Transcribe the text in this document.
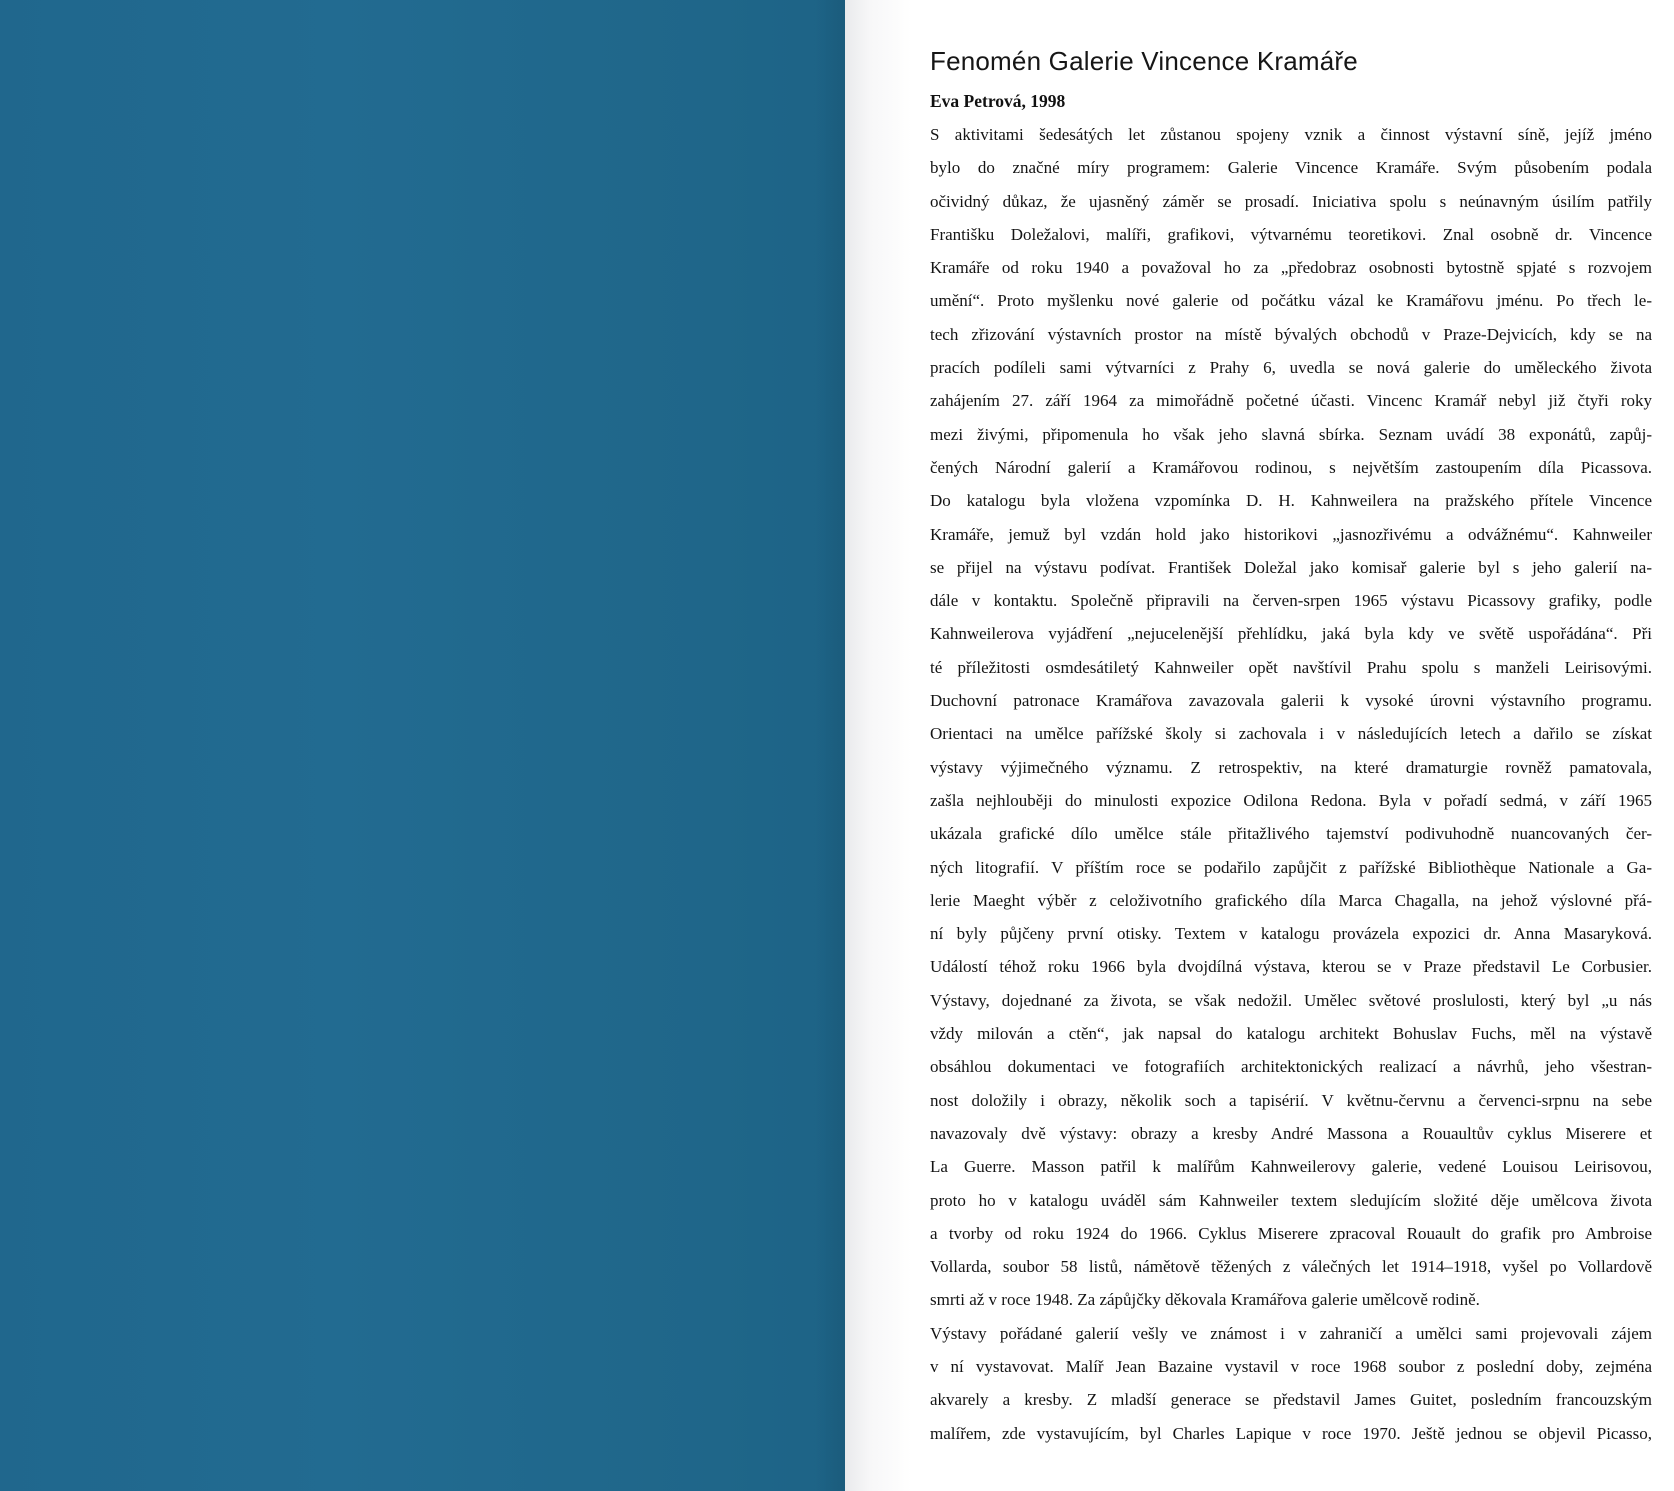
Fenomén Galerie Vincence Kramáře
Eva Petrová, 1998
S aktivitami šedesátých let zůstanou spojeny vznik a činnost výstavní síně, jejíž jméno
bylo do značné míry programem: Galerie Vincence Kramáře. Svým působením podala
očividný důkaz, že ujasněný záměr se prosadí. Iniciativa spolu s neúnavným úsilím patřily
Františku Doležalovi, malíři, grafikovi, výtvarnému teoretikovi. Znal osobně dr. Vincence
Kramáře od roku 1940 a považoval ho za „předobraz osobnosti bytostně spjaté s rozvojem
umění“. Proto myšlenku nové galerie od počátku vázal ke Kramářovu jménu. Po třech le-
tech zřizování výstavních prostor na místě bývalých obchodů v Praze-Dejvicích, kdy se na
pracích podíleli sami výtvarníci z Prahy 6, uvedla se nová galerie do uměleckého života
zahájením 27. září 1964 za mimořádně početné účasti. Vincenc Kramář nebyl již čtyři roky
mezi živými, připomenula ho však jeho slavná sbírka. Seznam uvádí 38 exponátů, zapůj-
čených Národní galerií a Kramářovou rodinou, s největším zastoupením díla Picassova.
Do katalogu byla vložena vzpomínka D. H. Kahnweilera na pražského přítele Vincence
Kramáře, jemuž byl vzdán hold jako historikovi „jasnozřivému a odvážnému“. Kahnweiler
se přijel na výstavu podívat. František Doležal jako komisař galerie byl s jeho galerií na-
dále v kontaktu. Společně připravili na červen-srpen 1965 výstavu Picassovy grafiky, podle
Kahnweilerova vyjádření „nejucelenější přehlídku, jaká byla kdy ve světě uspořádána“. Při
té příležitosti osmdesátiletý Kahnweiler opět navštívil Prahu spolu s manželi Leirisovými.
Duchovní patronace Kramářova zavazovala galerii k vysoké úrovni výstavního programu.
Orientaci na umělce pařížské školy si zachovala i v následujících letech a dařilo se získat
výstavy výjimečného významu. Z retrospektiv, na které dramaturgie rovněž pamatovala,
zašla nejhlouběji do minulosti expozice Odilona Redona. Byla v pořadí sedmá, v září 1965
ukázala grafické dílo umělce stále přitažlivého tajemství podivuhodně nuancovaných čer-
ných litografií. V příštím roce se podařilo zapůjčit z pařížské Bibliothèque Nationale a Ga-
lerie Maeght výběr z celoživotního grafického díla Marca Chagalla, na jehož výslovné přá-
ní byly půjčeny první otisky. Textem v katalogu provázela expozici dr. Anna Masaryková.
Událostí téhož roku 1966 byla dvojdílná výstava, kterou se v Praze představil Le Corbusier.
Výstavy, dojednané za života, se však nedožil. Umělec světové proslulosti, který byl „u nás
vždy milován a ctěn“, jak napsal do katalogu architekt Bohuslav Fuchs, měl na výstavě
obsáhlou dokumentaci ve fotografiích architektonických realizací a návrhů, jeho všestran-
nost doložily i obrazy, několik soch a tapisérií. V květnu-červnu a červenci-srpnu na sebe
navazovaly dvě výstavy: obrazy a kresby André Massona a Rouaultův cyklus Miserere et
La Guerre. Masson patřil k malířům Kahnweilerovy galerie, vedené Louisou Leirisovou,
proto ho v katalogu uváděl sám Kahnweiler textem sledujícím složité děje umělcova života
a tvorby od roku 1924 do 1966. Cyklus Miserere zpracoval Rouault do grafik pro Ambroise
Vollarda, soubor 58 listů, námětově těžených z válečných let 1914–1918, vyšel po Vollardově
smrti až v roce 1948. Za zápůjčky děkovala Kramářova galerie umělcově rodině.
Výstavy pořádané galerií vešly ve známost i v zahraničí a umělci sami projevovali zájem
v ní vystavovat. Malíř Jean Bazaine vystavil v roce 1968 soubor z poslední doby, zejména
akvarely a kresby. Z mladší generace se představil James Guitet, posledním francouzským
malířem, zde vystavujícím, byl Charles Lapique v roce 1970. Ještě jednou se objevil Picasso,
